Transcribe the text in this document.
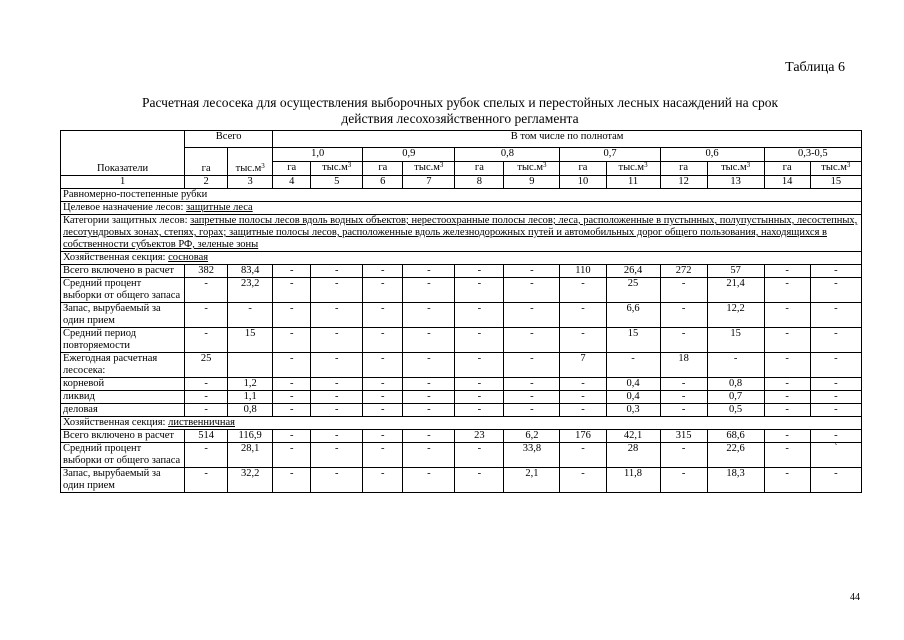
Таблица 6
Расчетная лесосека для осуществления выборочных рубок спелых и перестойных лесных насаждений на срок
действия лесохозяйственного регламента
Показатели	Всего		В том числе по полнотам											
	га	$тыс.м^3$	1,0		0,9		0,8		0,7		0,6		0,3-0,5	
			га	$тыс.м^3$	га	$тыс.м^3$	га	$тыс.м^3$	га	$тыс.м^3$	га	$тыс.м^3$	га	$тыс.м^3$
1	2	3	4	5	6	7	8	9	10	11	12	13	14	15
Равномерно-постепенные рубки														
Целевое назначение лесов: защитные леса														
Категории защитных лесов: запретные полосы лесов вдоль водных объектов; нерестоохранные полосы лесов; леса, расположенные в пустынных, полупустынных, лесостепных, лесотундровых зонах, степях, горах; защитные полосы лесов, расположенные вдоль железнодорожных путей и автомобильных дорог общего пользования, находящихся в собственности субъектов РФ, зеленые зоны														
Хозяйственная секция: сосновая														
Всего включено в расчет	382	83,4	-	-	-	-	-	-	110	26,4	272	57	-	-
Средний процент выборки от общего запаса	-	23,2	-	-	-	-	-	-	-	25	-	21,4	-	-
Запас, вырубаемый за один прием	-	-	-	-	-	-	-	-	-	6,6	-	12,2	-	-
Средний период повторяемости	-	15	-	-	-	-	-	-	-	15	-	15	-	-
Ежегодная расчетная лесосека:	25		-	-	-	-	-	-	7	-	18	-	-	-
корневой	-	1,2	-	-	-	-	-	-	-	0,4	-	0,8	-	-
ликвид	-	1,1	-	-	-	-	-	-	-	0,4	-	0,7	-	-
деловая	-	0,8	-	-	-	-	-	-	-	0,3	-	0,5	-	-
Хозяйственная секция: лиственничная														
Всего включено в расчет	514	116,9	-	-	-	-	23	6,2	176	42,1	315	68,6	-	-
Средний процент выборки от общего запаса	-	28,1	-	-	-	-	-	33,8	-	28	-	22,6	-	`
Запас, вырубаемый за один прием	-	32,2	-	-	-	-	-	2,1	-	11,8	-	18,3	-	-
44
